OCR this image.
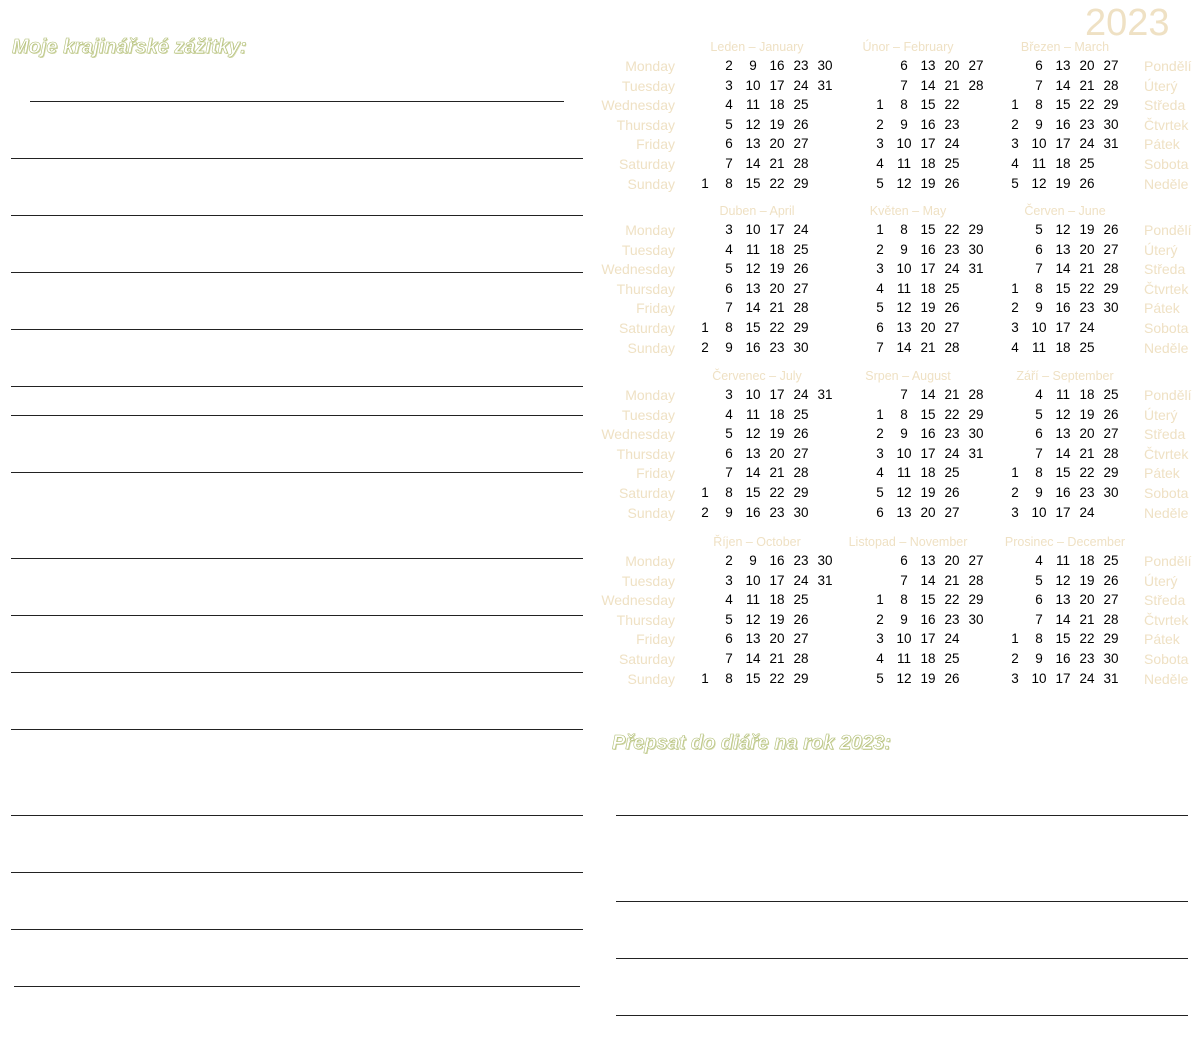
Moje krajinářské zážitky:
2023
Monday
Tuesday
Wednesday
Thursday
Friday
Saturday
Sunday
Pondělí
Úterý
Středa
Čtvrtek
Pátek
Sobota
Neděle
Leden – January
1
2
3
4
5
6
7
8
9
10
11
12
13
14
15
16
17
18
19
20
21
22
23
24
25
26
27
28
29
30
31
Únor – February
1
2
3
4
5
6
7
8
9
10
11
12
13
14
15
16
17
18
19
20
21
22
23
24
25
26
27
28
Březen – March
1
2
3
4
5
6
7
8
9
10
11
12
13
14
15
16
17
18
19
20
21
22
23
24
25
26
27
28
29
30
31
Monday
Tuesday
Wednesday
Thursday
Friday
Saturday
Sunday
Pondělí
Úterý
Středa
Čtvrtek
Pátek
Sobota
Neděle
Duben – April
1
2
3
4
5
6
7
8
9
10
11
12
13
14
15
16
17
18
19
20
21
22
23
24
25
26
27
28
29
30
Květen – May
1
2
3
4
5
6
7
8
9
10
11
12
13
14
15
16
17
18
19
20
21
22
23
24
25
26
27
28
29
30
31
Červen – June
1
2
3
4
5
6
7
8
9
10
11
12
13
14
15
16
17
18
19
20
21
22
23
24
25
26
27
28
29
30
Monday
Tuesday
Wednesday
Thursday
Friday
Saturday
Sunday
Pondělí
Úterý
Středa
Čtvrtek
Pátek
Sobota
Neděle
Červenec – July
1
2
3
4
5
6
7
8
9
10
11
12
13
14
15
16
17
18
19
20
21
22
23
24
25
26
27
28
29
30
31
Srpen – August
1
2
3
4
5
6
7
8
9
10
11
12
13
14
15
16
17
18
19
20
21
22
23
24
25
26
27
28
29
30
31
Září – September
1
2
3
4
5
6
7
8
9
10
11
12
13
14
15
16
17
18
19
20
21
22
23
24
25
26
27
28
29
30
Monday
Tuesday
Wednesday
Thursday
Friday
Saturday
Sunday
Pondělí
Úterý
Středa
Čtvrtek
Pátek
Sobota
Neděle
Říjen – October
1
2
3
4
5
6
7
8
9
10
11
12
13
14
15
16
17
18
19
20
21
22
23
24
25
26
27
28
29
30
31
Listopad – November
1
2
3
4
5
6
7
8
9
10
11
12
13
14
15
16
17
18
19
20
21
22
23
24
25
26
27
28
29
30
Prosinec – December
1
2
3
4
5
6
7
8
9
10
11
12
13
14
15
16
17
18
19
20
21
22
23
24
25
26
27
28
29
30
31
Přepsat do diáře na rok 2023:
